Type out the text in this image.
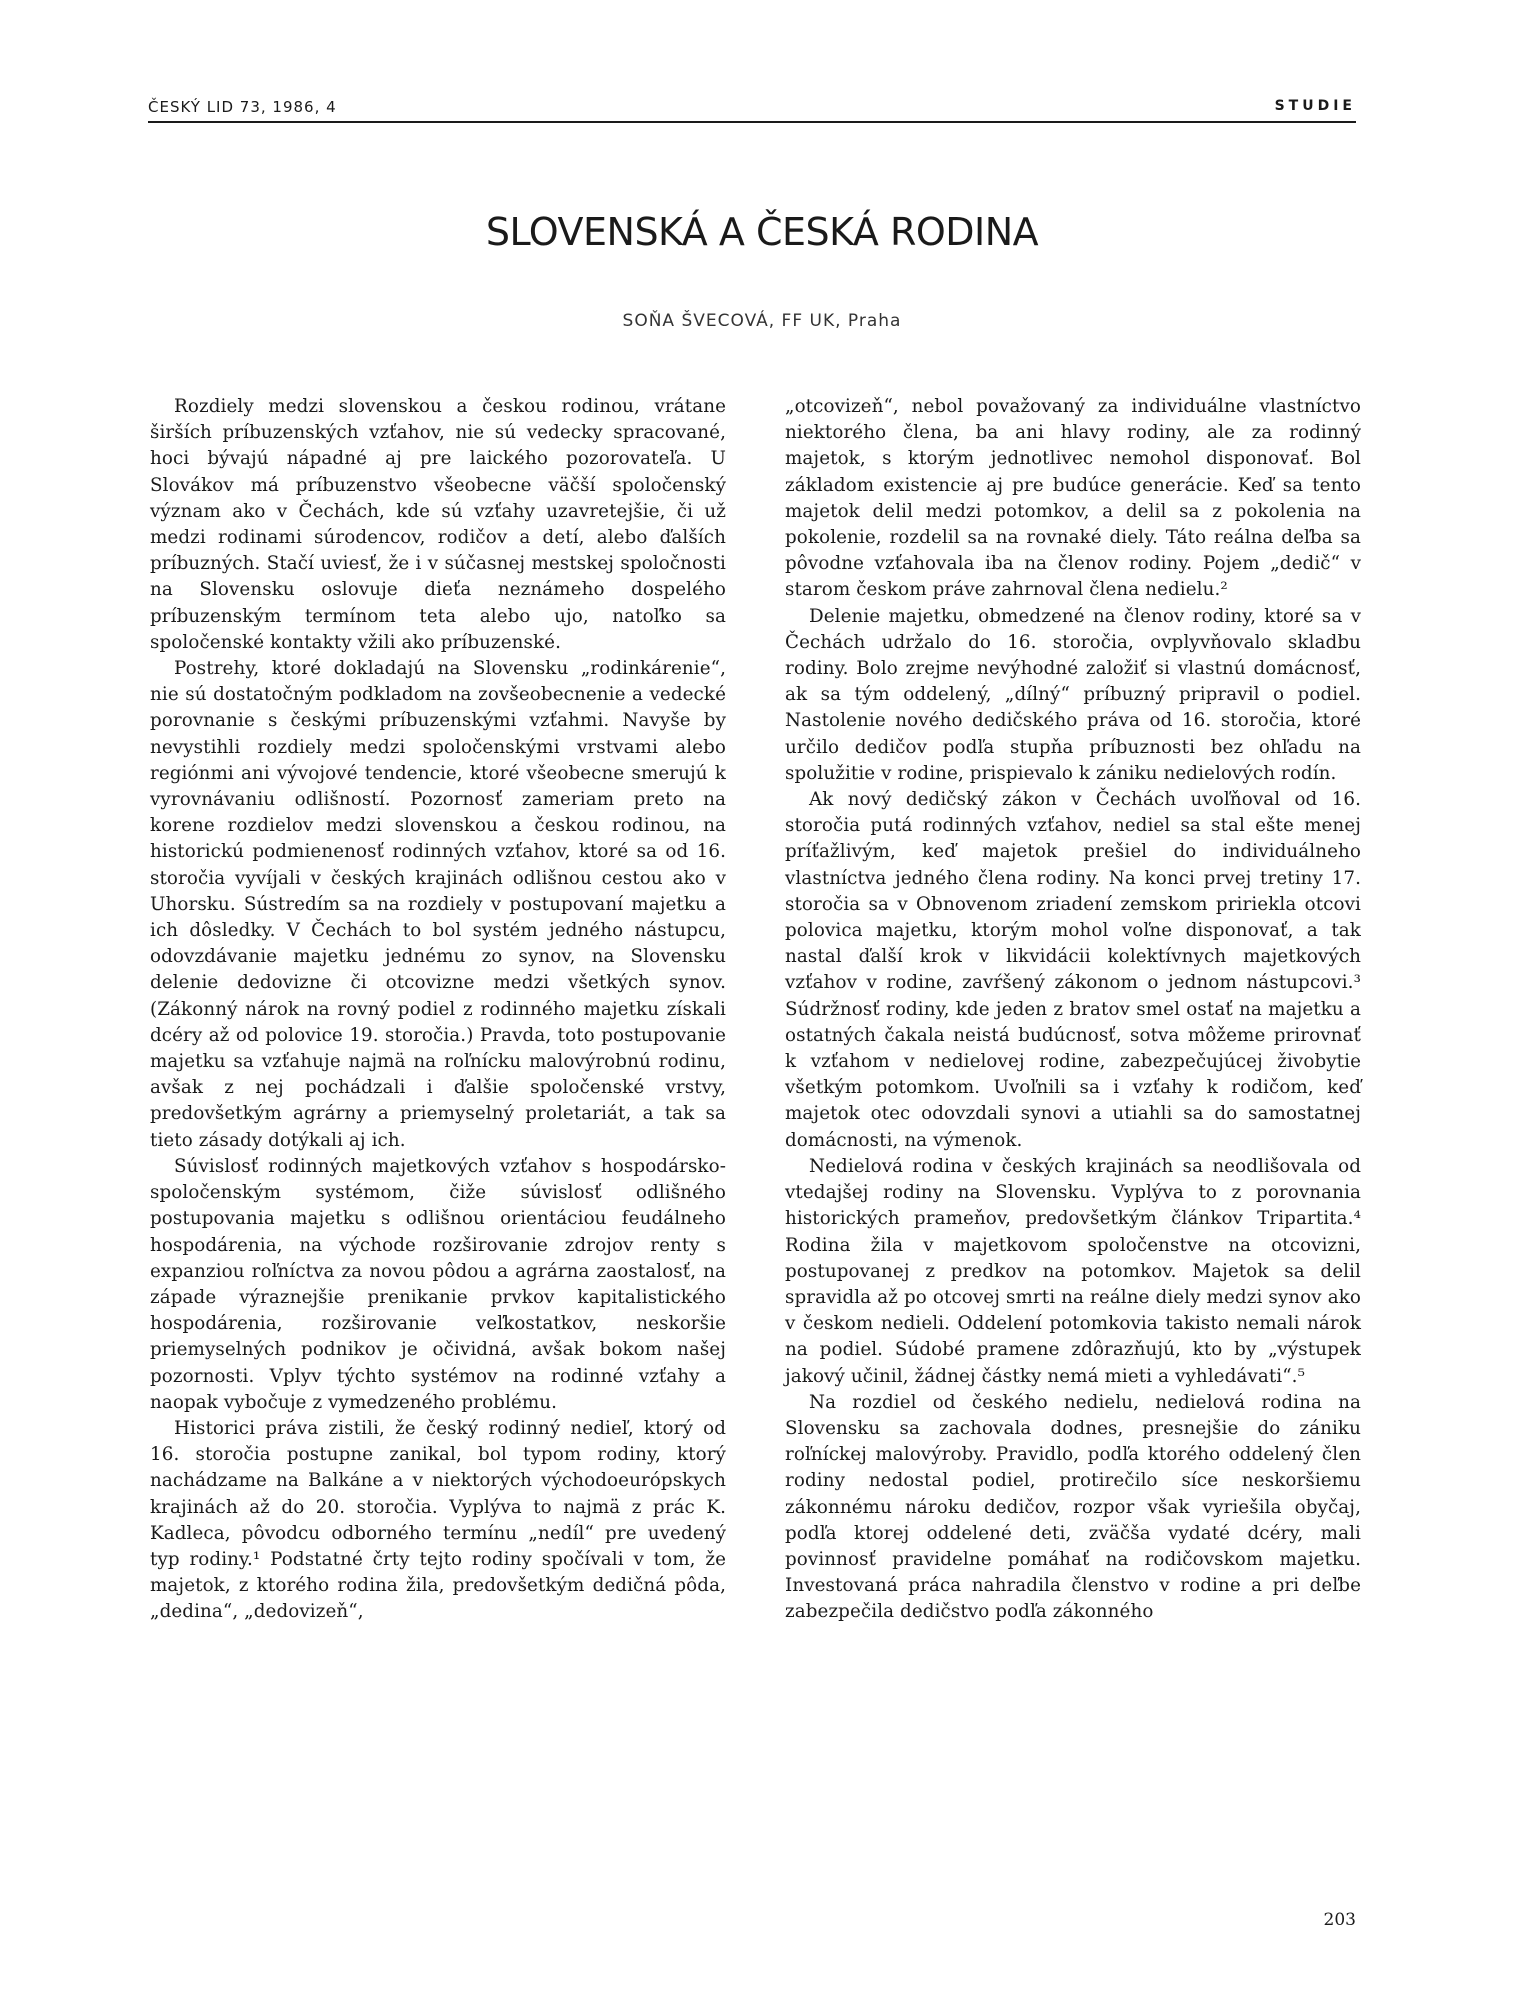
ČESKÝ LID 73, 1986, 4	STUDIE
SLOVENSKÁ A ČESKÁ RODINA
SOŇA ŠVECOVÁ, FF UK, Praha

Rozdiely medzi slovenskou a českou rodinou, vrátane širších príbuzenských vzťahov, nie sú vedecky spracované, hoci bývajú nápadné aj pre laického pozorovateľa. U Slovákov má príbuzenstvo všeobecne väčší spoločenský význam ako v Čechách, kde sú vzťahy uzavretejšie, či už medzi rodinami súrodencov, rodičov a detí, alebo ďalších príbuzných. Stačí uviesť, že i v súčasnej mestskej spoločnosti na Slovensku oslovuje dieťa neznámeho dospelého príbuzenským termínom teta alebo ujo, natoľko sa spoločenské kontakty vžili ako príbuzenské.

Postrehy, ktoré dokladajú na Slovensku „rodinkárenie“, nie sú dostatočným podkladom na zovšeobecnenie a vedecké porovnanie s českými príbuzenskými vzťahmi. Navyše by nevystihli rozdiely medzi spoločenskými vrstvami alebo regiónmi ani vývojové tendencie, ktoré všeobecne smerujú k vyrovnávaniu odlišností. Pozornosť zameriam preto na korene rozdielov medzi slovenskou a českou rodinou, na historickú podmienenosť rodinných vzťahov, ktoré sa od 16. storočia vyvíjali v českých krajinách odlišnou cestou ako v Uhorsku. Sústredím sa na rozdiely v postupovaní majetku a ich dôsledky. V Čechách to bol systém jedného nástupcu, odovzdávanie majetku jednému zo synov, na Slovensku delenie dedovizne či otcovizne medzi všetkých synov. (Zákonný nárok na rovný podiel z rodinného majetku získali dcéry až od polovice 19. storočia.) Pravda, toto postupovanie majetku sa vzťahuje najmä na roľnícku malovýrobnú rodinu, avšak z nej pochádzali i ďalšie spoločenské vrstvy, predovšetkým agrárny a priemyselný proletariát, a tak sa tieto zásady dotýkali aj ich.

Súvislosť rodinných majetkových vzťahov s hospodársko-spoločenským systémom, čiže súvislosť odlišného postupovania majetku s odlišnou orientáciou feudálneho hospodárenia, na východe rozširovanie zdrojov renty s expanziou roľníctva za novou pôdou a agrárna zaostalosť, na západe výraznejšie prenikanie prvkov kapitalistického hospodárenia, rozširovanie veľkostatkov, neskoršie priemyselných podnikov je očividná, avšak bokom našej pozornosti. Vplyv týchto systémov na rodinné vzťahy a naopak vybočuje z vymedzeného problému.

Historici práva zistili, že český rodinný nedieľ, ktorý od 16. storočia postupne zanikal, bol typom rodiny, ktorý nachádzame na Balkáne a v niektorých východoeurópskych krajinách až do 20. storočia. Vyplýva to najmä z prác K. Kadleca, pôvodcu odborného termínu „nedíl“ pre uvedený typ rodiny.¹ Podstatné črty tejto rodiny spočívali v tom, že majetok, z ktorého rodina žila, predovšetkým dedičná pôda, „dedina“, „dedovizeň“,

„otcovizeň“, nebol považovaný za individuálne vlastníctvo niektorého člena, ba ani hlavy rodiny, ale za rodinný majetok, s ktorým jednotlivec nemohol disponovať. Bol základom existencie aj pre budúce generácie. Keď sa tento majetok delil medzi potomkov, a delil sa z pokolenia na pokolenie, rozdelil sa na rovnaké diely. Táto reálna deľba sa pôvodne vzťahovala iba na členov rodiny. Pojem „dedič“ v starom českom práve zahrnoval člena nedielu.²

Delenie majetku, obmedzené na členov rodiny, ktoré sa v Čechách udržalo do 16. storočia, ovplyvňovalo skladbu rodiny. Bolo zrejme nevýhodné založiť si vlastnú domácnosť, ak sa tým oddelený, „dílný“ príbuzný pripravil o podiel. Nastolenie nového dedičského práva od 16. storočia, ktoré určilo dedičov podľa stupňa príbuznosti bez ohľadu na spolužitie v rodine, prispievalo k zániku nedielových rodín.

Ak nový dedičský zákon v Čechách uvoľňoval od 16. storočia putá rodinných vzťahov, nediel sa stal ešte menej príťažlivým, keď majetok prešiel do individuálneho vlastníctva jedného člena rodiny. Na konci prvej tretiny 17. storočia sa v Obnovenom zriadení zemskom pririekla otcovi polovica majetku, ktorým mohol voľne disponovať, a tak nastal ďalší krok v likvidácii kolektívnych majetkových vzťahov v rodine, zavŕšený zákonom o jednom nástupcovi.³ Súdržnosť rodiny, kde jeden z bratov smel ostať na majetku a ostatných čakala neistá budúcnosť, sotva môžeme prirovnať k vzťahom v nedielovej rodine, zabezpečujúcej živobytie všetkým potomkom. Uvoľnili sa i vzťahy k rodičom, keď majetok otec odovzdali synovi a utiahli sa do samostatnej domácnosti, na výmenok.

Nedielová rodina v českých krajinách sa neodlišovala od vtedajšej rodiny na Slovensku. Vyplýva to z porovnania historických prameňov, predovšetkým článkov Tripartita.⁴ Rodina žila v majetkovom spoločenstve na otcovizni, postupovanej z predkov na potomkov. Majetok sa delil spravidla až po otcovej smrti na reálne diely medzi synov ako v českom nedieli. Oddelení potomkovia takisto nemali nárok na podiel. Súdobé pramene zdôrazňujú, kto by „výstupek jakový učinil, žádnej částky nemá mieti a vyhledávati“.⁵

Na rozdiel od českého nedielu, nedielová rodina na Slovensku sa zachovala dodnes, presnejšie do zániku roľníckej malovýroby. Pravidlo, podľa ktorého oddelený člen rodiny nedostal podiel, protirečilo síce neskoršiemu zákonnému nároku dedičov, rozpor však vyriešila obyčaj, podľa ktorej oddelené deti, zväčša vydaté dcéry, mali povinnosť pravidelne pomáhať na rodičovskom majetku. Investovaná práca nahradila členstvo v rodine a pri deľbe zabezpečila dedičstvo podľa zákonného

203
